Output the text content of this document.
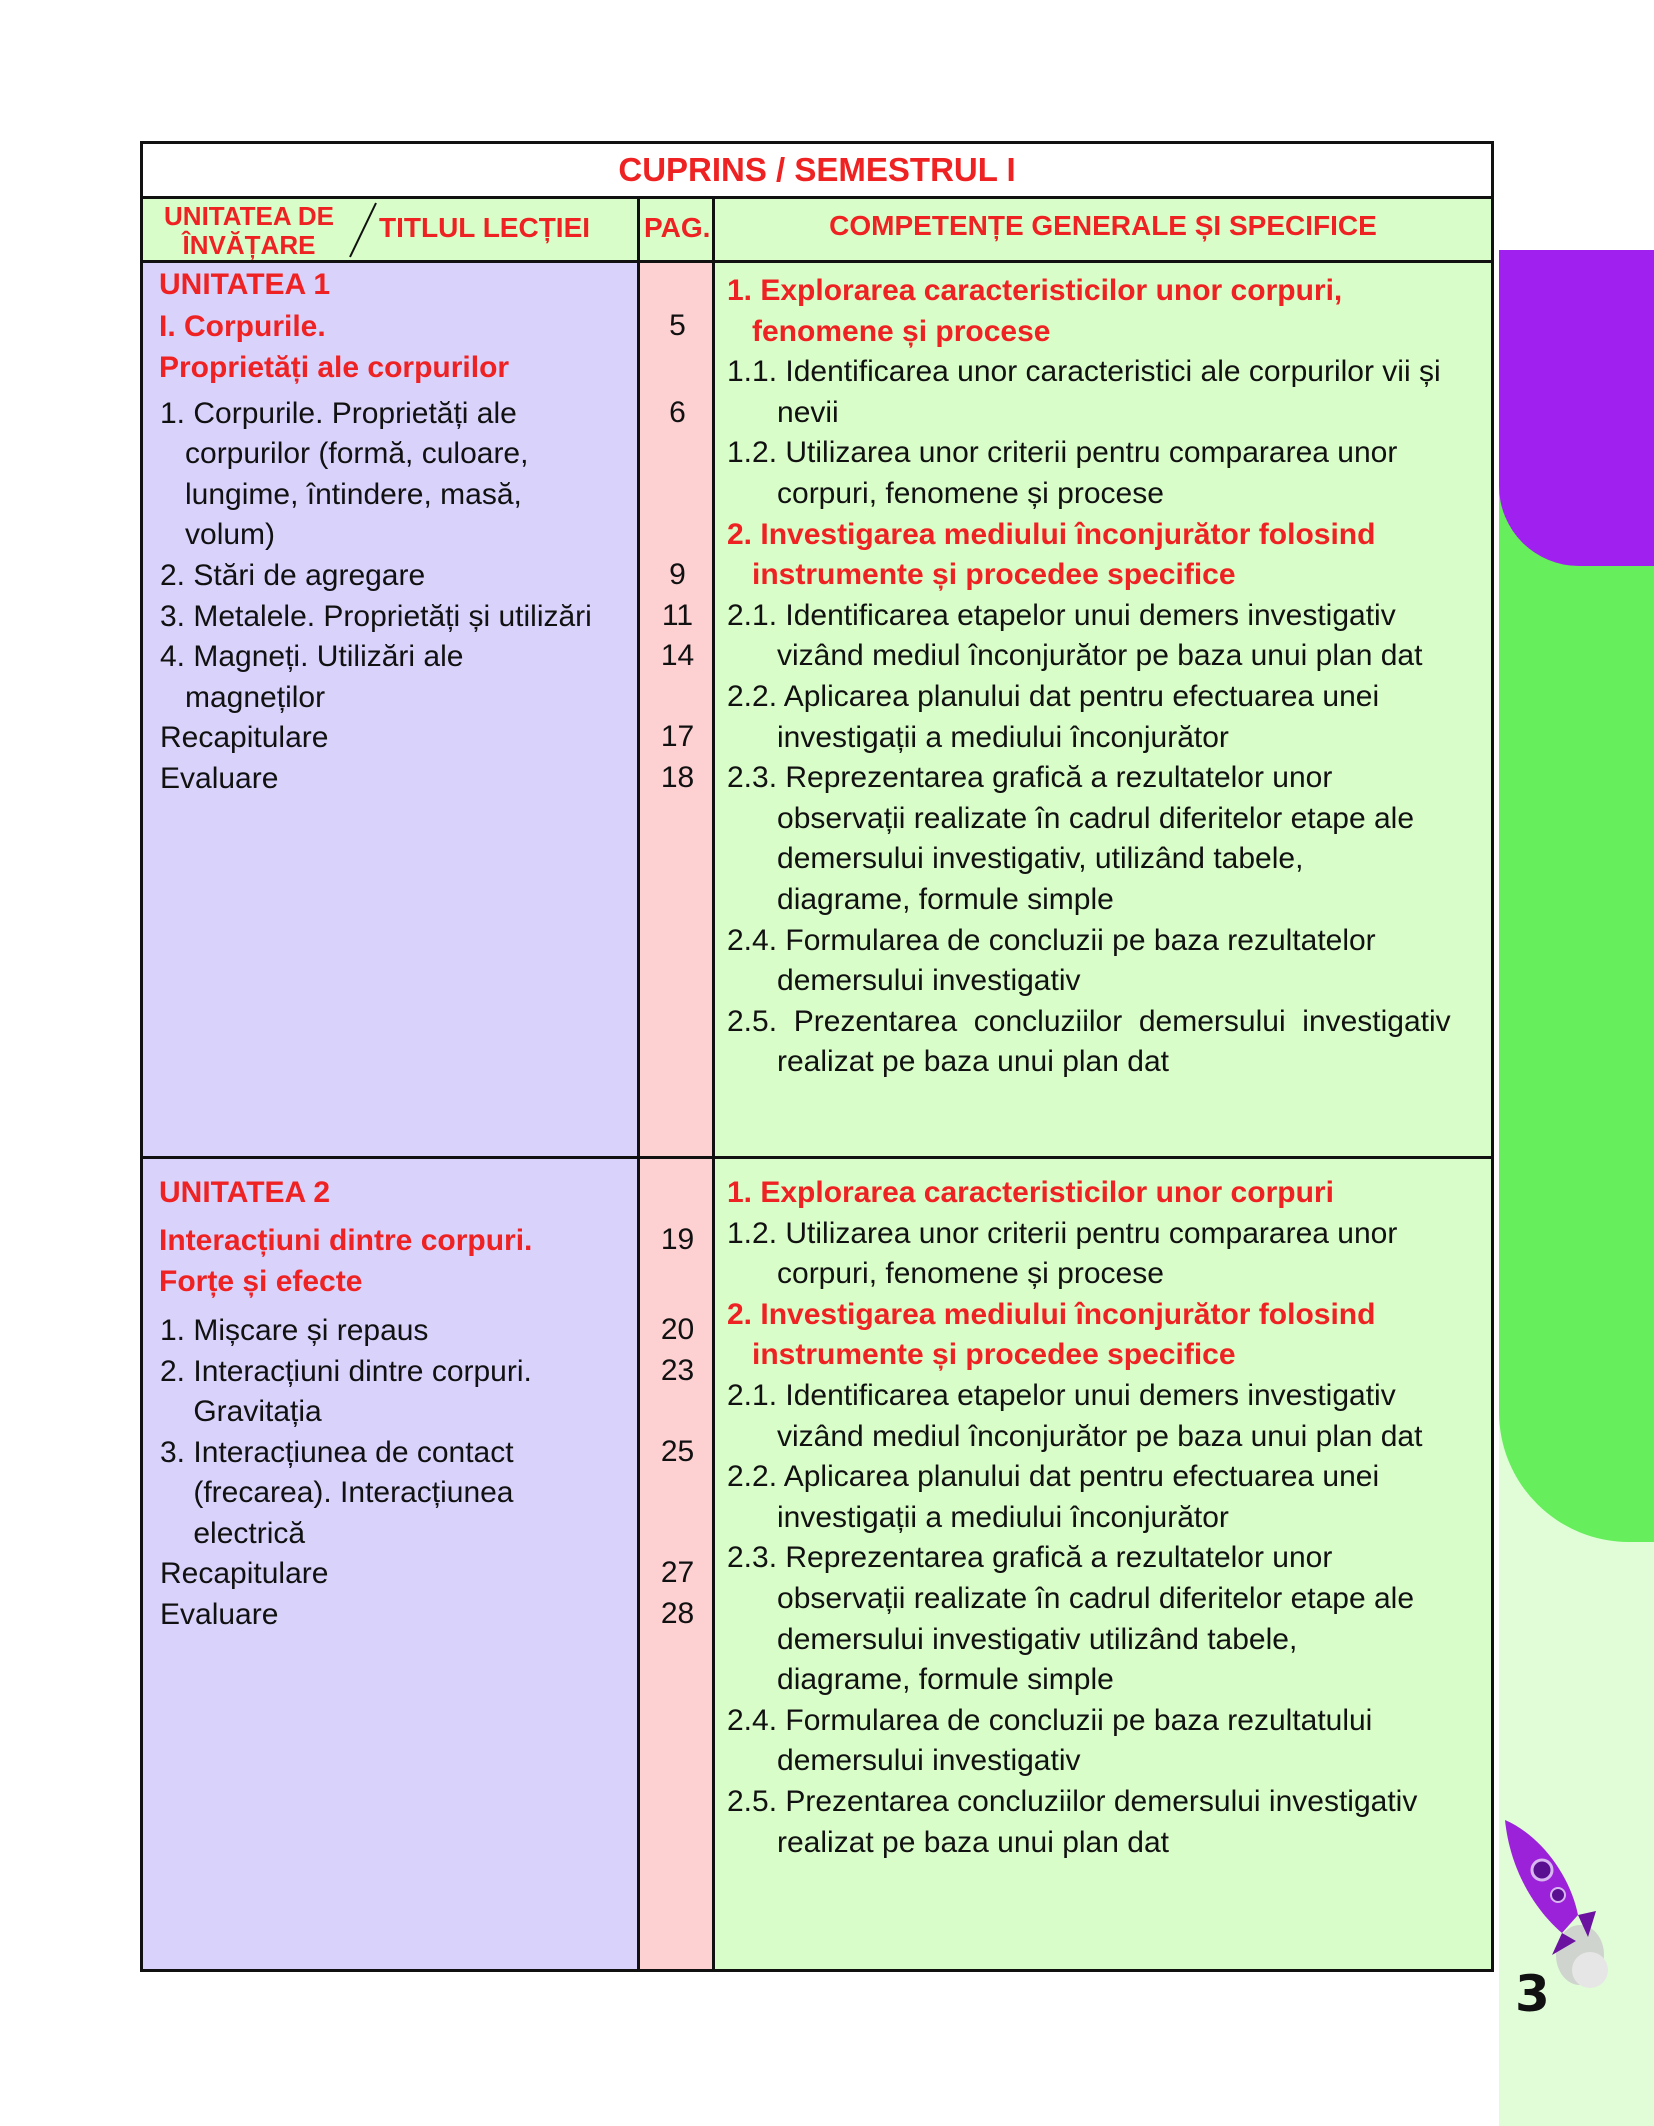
3
CUPRINS / SEMESTRUL I
UNITATEA DE
ÎNVĂȚARE
TITLUL LECȚIEI PAG.	COMPETENȚE GENERALE ȘI SPECIFICE
UNITATEA 1
I. Corpurile.
Proprietăți ale corpurilor
1. Corpurile. Proprietăți ale
corpurilor (formă, culoare,
lungime, întindere, masă,
volum)
2. Stări de agregare
3. Metalele. Proprietăți și utilizări
4. Magneți. Utilizări ale
magneților
Recapitulare
Evaluare
5
6
9
11
14
17
18
1. Explorarea caracteristicilor unor corpuri,
fenomene și procese
1.1. Identificarea unor caracteristici ale corpurilor vii și
nevii
1.2. Utilizarea unor criterii pentru compararea unor
corpuri, fenomene și procese
2. Investigarea mediului înconjurător folosind
instrumente și procedee specifice
2.1. Identificarea etapelor unui demers investigativ
vizând mediul înconjurător pe baza unui plan dat
2.2. Aplicarea planului dat pentru efectuarea unei
investigații a mediului înconjurător
2.3. Reprezentarea grafică a rezultatelor unor
observații realizate în cadrul diferitelor etape ale
demersului investigativ, utilizând tabele,
diagrame, formule simple
2.4. Formularea de concluzii pe baza rezultatelor
demersului investigativ
2.5.  Prezentarea  concluziilor  demersului  investigativ
realizat pe baza unui plan dat
UNITATEA 2
Interacțiuni dintre corpuri.
Forțe și efecte
1. Mișcare și repaus
2. Interacțiuni dintre corpuri.
Gravitația
3. Interacțiunea de contact
(frecarea). Interacțiunea
electrică
Recapitulare
Evaluare
19
20
23
25
27
28
1. Explorarea caracteristicilor unor corpuri
1.2. Utilizarea unor criterii pentru compararea unor
corpuri, fenomene și procese
2. Investigarea mediului înconjurător folosind
instrumente și procedee specifice
2.1. Identificarea etapelor unui demers investigativ
vizând mediul înconjurător pe baza unui plan dat
2.2. Aplicarea planului dat pentru efectuarea unei
investigații a mediului înconjurător
2.3. Reprezentarea grafică a rezultatelor unor
observații realizate în cadrul diferitelor etape ale
demersului investigativ utilizând tabele,
diagrame, formule simple
2.4. Formularea de concluzii pe baza rezultatului
demersului investigativ
2.5. Prezentarea concluziilor demersului investigativ
realizat pe baza unui plan dat
